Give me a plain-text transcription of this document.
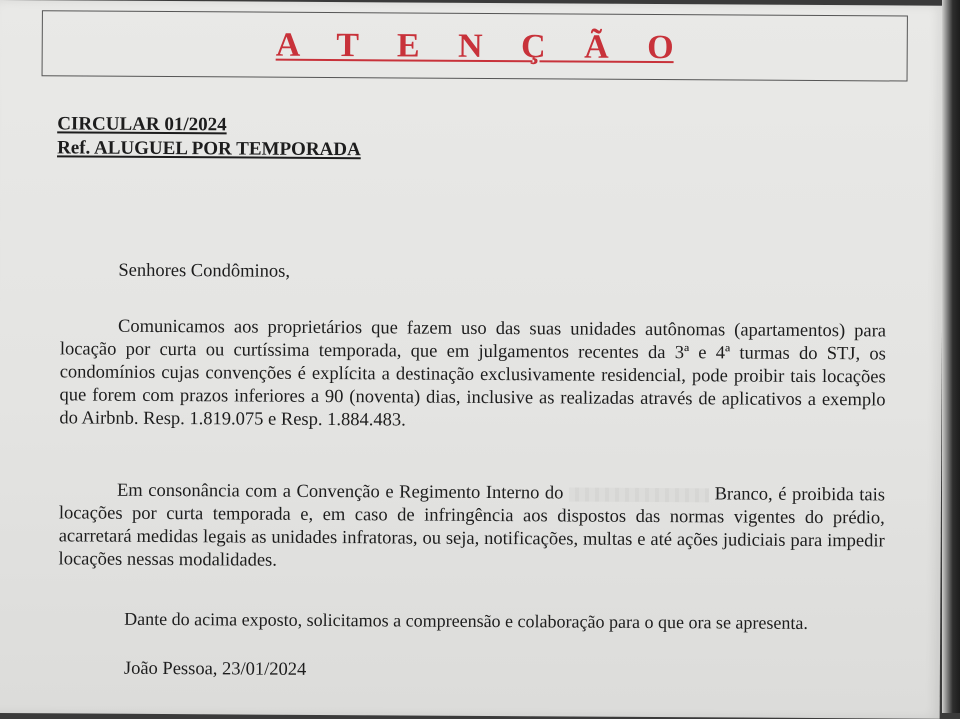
A T E N Ç Ã O
CIRCULAR 01/2024
Ref. ALUGUEL POR TEMPORADA
Senhores Condôminos,
Comunicamos aos proprietários que fazem uso das suas unidades autônomas (apartamentos) para locação por curta ou curtíssima temporada, que em julgamentos recentes da 3ª e 4ª turmas do STJ, os condomínios cujas convenções é explícita a destinação exclusivamente residencial, pode proibir tais locações que forem com prazos inferiores a 90 (noventa) dias, inclusive as realizadas através de aplicativos a exemplo do Airbnb. Resp. 1.819.075 e Resp. 1.884.483.
Em consonância com a Convenção e Regimento Interno do	Branco, é proibida tais locações por curta temporada e, em caso de infringência aos dispostos das normas vigentes do prédio, acarretará medidas legais as unidades infratoras, ou seja, notificações, multas e até ações judiciais para impedir locações nessas modalidades.
Dante do acima exposto, solicitamos a compreensão e colaboração para o que ora se apresenta.
João Pessoa, 23/01/2024
